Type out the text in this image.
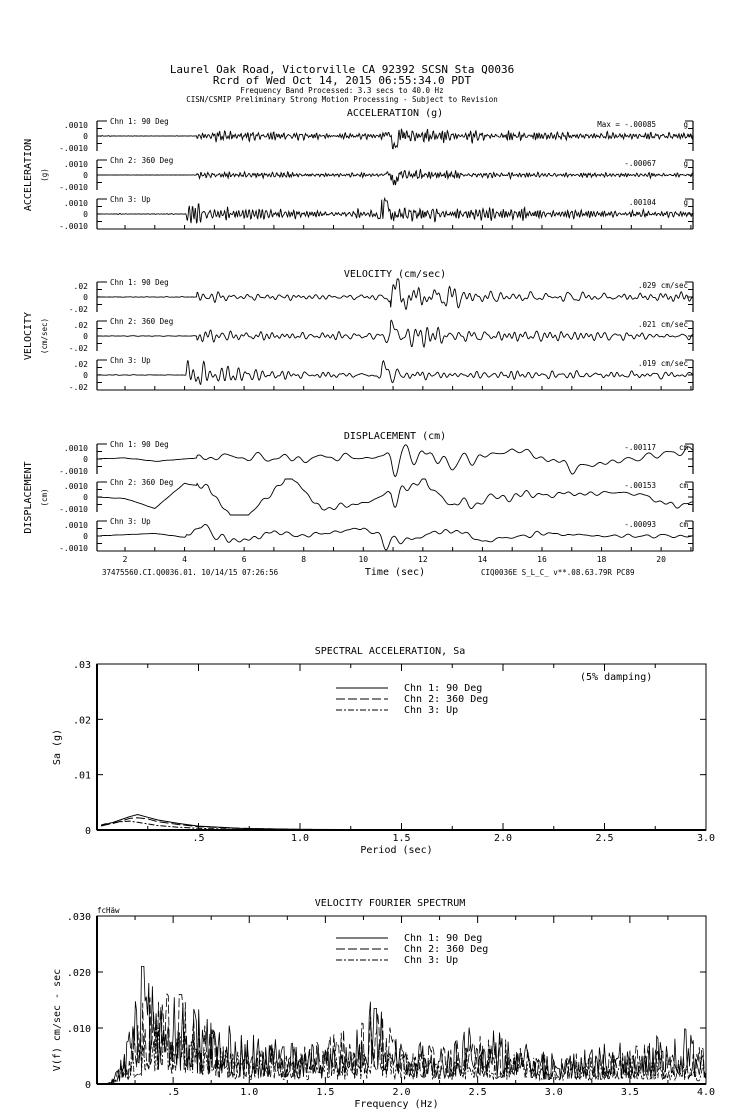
Laurel Oak Road, Victorville CA 92392 SCSN Sta Q0036
Rcrd of Wed Oct 14, 2015 06:55:34.0 PDT
Frequency Band Processed: 3.3 secs to 40.0 Hz
CISN/CSMIP Preliminary Strong Motion Processing - Subject to Revision
ACCELERATION (g)
ACCELERATION (g)
.0010
0
-.0010
Chn 1: 90 Deg	Max = -.00085	g
.0010
0
-.0010
Chn 2: 360 Deg	-.00067	g
.0010
0
-.0010
Chn 3: Up	.00104	g
VELOCITY (cm/sec)
VELOCITY (cm/sec)
.02
0
-.02
Chn 1: 90 Deg	.029 cm/sec
.02
0
-.02
Chn 2: 360 Deg	.021 cm/sec
.02
0
-.02
Chn 3: Up	.019 cm/sec
DISPLACEMENT (cm)
DISPLACEMENT (cm)
.0010
0
-.0010
Chn 1: 90 Deg	-.00117	cm
.0010
0
-.0010
Chn 2: 360 Deg	-.00153	cm
.0010
0
-.0010
Chn 3: Up	-.00093	cm
2	4	6	8	10	12	14	16	18	20
Time (sec)
37475560.CI.Q0036.01. 10/14/15 07:26:56	CIQ0036E S_L_C_ v**.08.63.79R PC89
SPECTRAL ACCELERATION, Sa
.03
.02
.01
0
.5	1.0	1.5	2.0	2.5	3.0
Period (sec)
Sa (g)
Chn 1: 90 Deg
Chn 2: 360 Deg
Chn 3: Up
(5% damping)
VELOCITY FOURIER SPECTRUM
.030
.020
.010
0
.5	1.0	1.5	2.0	2.5	3.0	3.5	4.0
Frequency (Hz)
V(f) cm/sec - sec
Chn 1: 90 Deg
Chn 2: 360 Deg
Chn 3: Up
fcHäw
